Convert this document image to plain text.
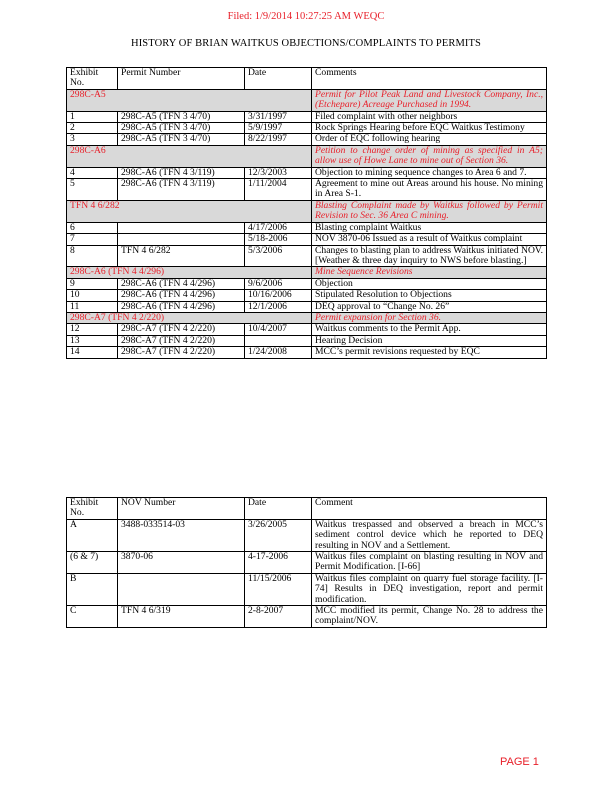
Filed: 1/9/2014 10:27:25 AM WEQC
HISTORY OF BRIAN WAITKUS OBJECTIONS/COMPLAINTS TO PERMITS
Exhibit No.	Permit Number	Date	Comments
298C-A5			Permit for Pilot Peak Land and Livestock Company, Inc., (Etchepare) Acreage Purchased in 1994.
1	298C-A5 (TFN 3 4/70)	3/31/1997	Filed complaint with other neighbors
2	298C-A5 (TFN 3 4/70)	5/9/1997	Rock Springs Hearing before EQC Waitkus Testimony
3	298C-A5 (TFN 3 4/70)	8/22/1997	Order of EQC following hearing
298C-A6			Petition to change order of mining as specified in A5; allow use of Howe Lane to mine out of Section 36.
4	298C-A6 (TFN 4 3/119)	12/3/2003	Objection to mining sequence changes to Area 6 and 7.
5	298C-A6 (TFN 4 3/119)	1/11/2004	Agreement to mine out Areas around his house. No mining in Area S-1.
TFN 4 6/282			Blasting Complaint made by Waitkus followed by Permit Revision to Sec. 36 Area C mining.
6		4/17/2006	Blasting complaint Waitkus
7		5/18-2006	NOV 3870-06 Issued as a result of Waitkus complaint
8	TFN 4 6/282	5/3/2006	Changes to blasting plan to address Waitkus initiated NOV. [Weather & three day inquiry to NWS before blasting.]
298C-A6 (TFN 4 4/296)			Mine Sequence Revisions
9	298C-A6 (TFN 4 4/296)	9/6/2006	Objection
10	298C-A6 (TFN 4 4/296)	10/16/2006	Stipulated Resolution to Objections
11	298C-A6 (TFN 4 4/296)	12/1/2006	DEQ approval to “Change No. 26”
298C-A7 (TFN 4 2/220)			Permit expansion for Section 36.
12	298C-A7 (TFN 4 2/220)	10/4/2007	Waitkus comments to the Permit App.
13	298C-A7 (TFN 4 2/220)		Hearing Decision
14	298C-A7 (TFN 4 2/220)	1/24/2008	MCC’s permit revisions requested by EQC
Exhibit No.	NOV Number	Date	Comment
A	3488-033514-03	3/26/2005	Waitkus trespassed and observed a breach in MCC’s sediment control device which he reported to DEQ resulting in NOV and a Settlement.
(6 & 7)	3870-06	4-17-2006	Waitkus files complaint on blasting resulting in NOV and Permit Modification. [I-66]
B		11/15/2006	Waitkus files complaint on quarry fuel storage facility. [I-74] Results in DEQ investigation, report and permit modification.
C	TFN 4 6/319	2-8-2007	MCC modified its permit, Change No. 28 to address the complaint/NOV.
PAGE 1
